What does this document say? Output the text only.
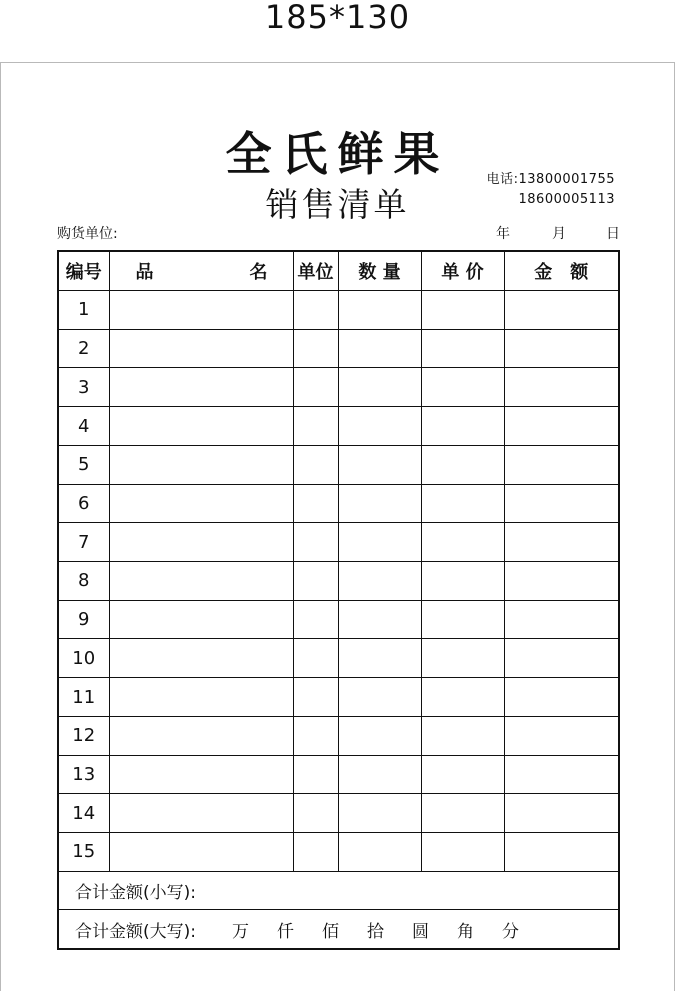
185*130
全氏鲜果
销售清单
电话:13800001755
18600005113
购货单位:	年	月	日
编号	品 名	单位	数 量	单 价	金　额
1					
2					
3					
4					
5					
6					
7					
8					
9					
10					
11					
12					
13					
14					
15					
合计金额(小写):					
合计金额(大写): 万 仟 佰 拾 圆 角 分					
